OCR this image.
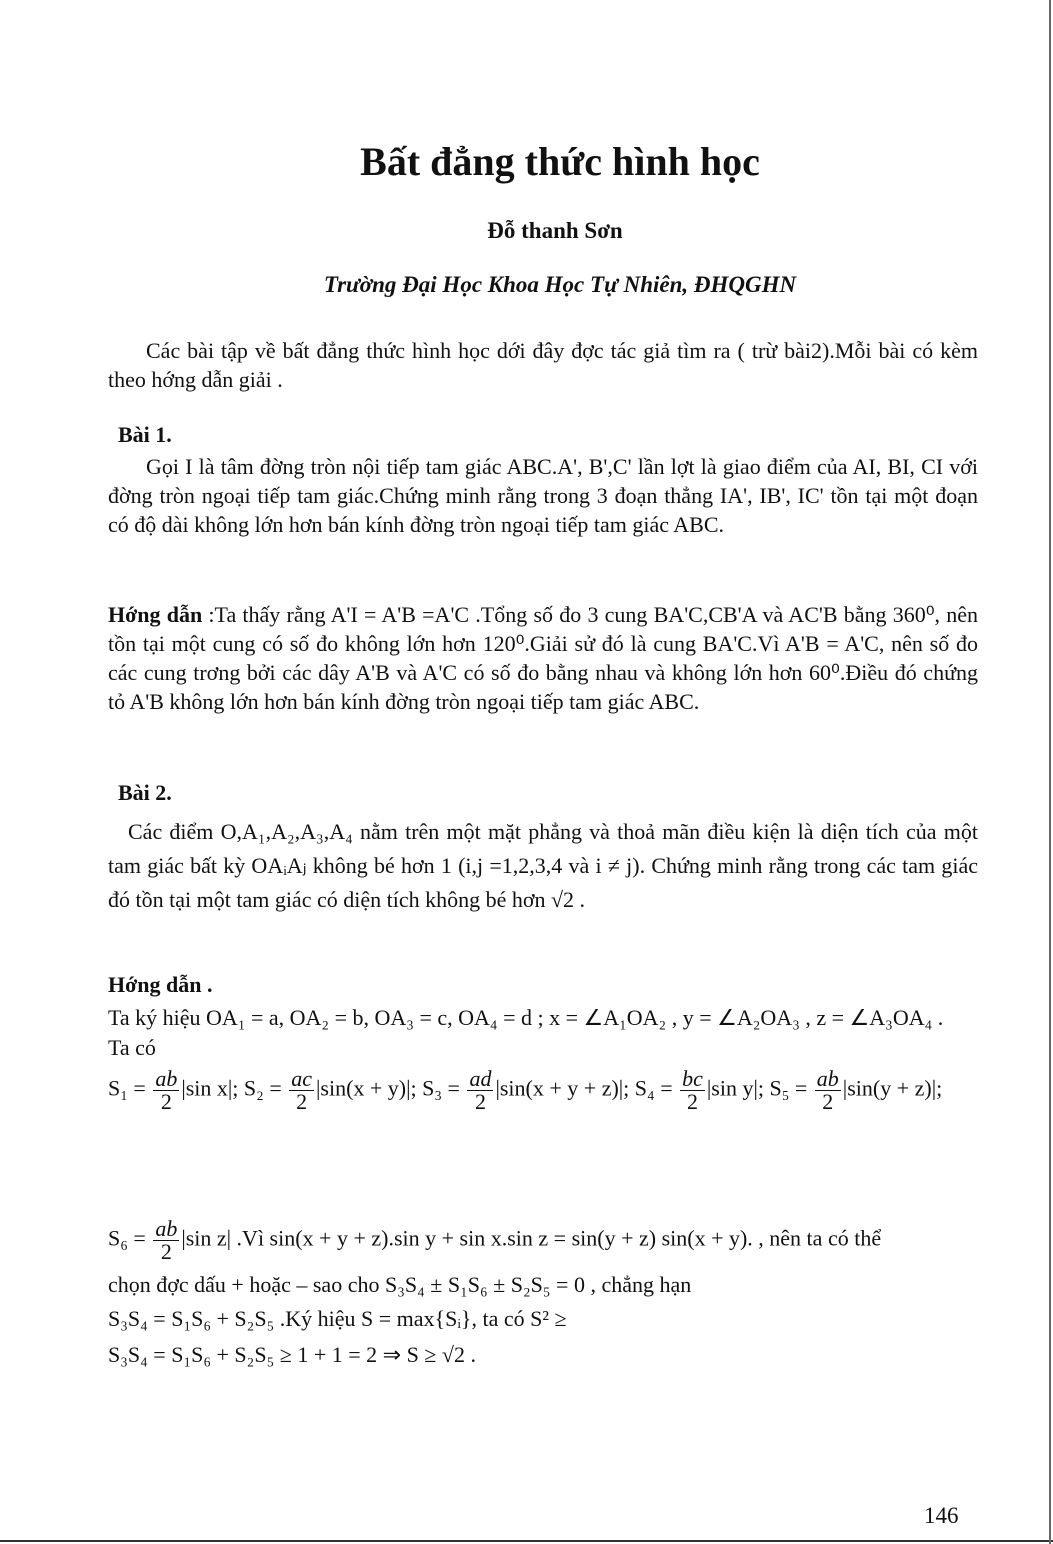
Bất đẳng thức hình học
Đỗ thanh Sơn
Trường Đại Học Khoa Học Tự Nhiên, ĐHQGHN
Các bài tập về bất đẳng thức hình học dới đây đợc tác giả tìm ra ( trừ bài2).Mỗi bài có kèm theo hớng dẫn giải .
Bài 1.
Gọi I là tâm đờng tròn nội tiếp tam giác ABC.A', B',C' lần lợt là giao điểm của AI, BI, CI với đờng tròn ngoại tiếp tam giác.Chứng minh rằng trong 3 đoạn thẳng IA', IB', IC' tồn tại một đoạn có độ dài không lớn hơn bán kính đờng tròn ngoại tiếp tam giác ABC.
Hớng dẫn :Ta thấy rằng A'I = A'B =A'C .Tổng số đo 3 cung BA'C,CB'A và AC'B bằng 360⁰, nên tồn tại một cung có số đo không lớn hơn 120⁰.Giải sử đó là cung BA'C.Vì A'B = A'C, nên số đo các cung trơng bởi các dây A'B và A'C có số đo bằng nhau và không lớn hơn 60⁰.Điều đó chứng tỏ A'B không lớn hơn bán kính đờng tròn ngoại tiếp tam giác ABC.
Bài 2.
Các điểm O,A₁,A₂,A₃,A₄ nằm trên một mặt phẳng và thoả mãn điều kiện là diện tích của một tam giác bất kỳ OAᵢAⱼ không bé hơn 1 (i,j =1,2,3,4 và i ≠ j). Chứng minh rằng trong các tam giác đó tồn tại một tam giác có diện tích không bé hơn √2 .
Hớng dẫn .
Ta ký hiệu OA₁ = a, OA₂ = b, OA₃ = c, OA₄ = d ; x = ∠A₁OA₂ , y = ∠A₂OA₃ , z = ∠A₃OA₄ .
Ta có
$S_1 = \frac{ab}{2} |\sin$ x|; $S_2 = \frac{ac}{2} |\sin(x + y)|$; $S_3 = \frac{ad}{2} |\sin(x + y + z)|$; $S_4 = \frac{bc}{2} |\sin$ y|; $S_5 = \frac{ab}{2} |\sin(y + z)|$;
$S_6 = \frac{ab}{2} |\sin$ z| .Vì sin(x + y + z).sin y + sin x.sin z = sin(y + z) sin(x + y). , nên ta có thể
chọn đợc dấu + hoặc – sao cho S₃S₄ ± S₁S₆ ± S₂S₅ = 0 , chẳng hạn
S₃S₄ = S₁S₆ + S₂S₅ .Ký hiệu S = max{Sᵢ}, ta có S² ≥
S₃S₄ = S₁S₆ + S₂S₅ ≥ 1 + 1 = 2 ⇒ S ≥ √2 .
146
